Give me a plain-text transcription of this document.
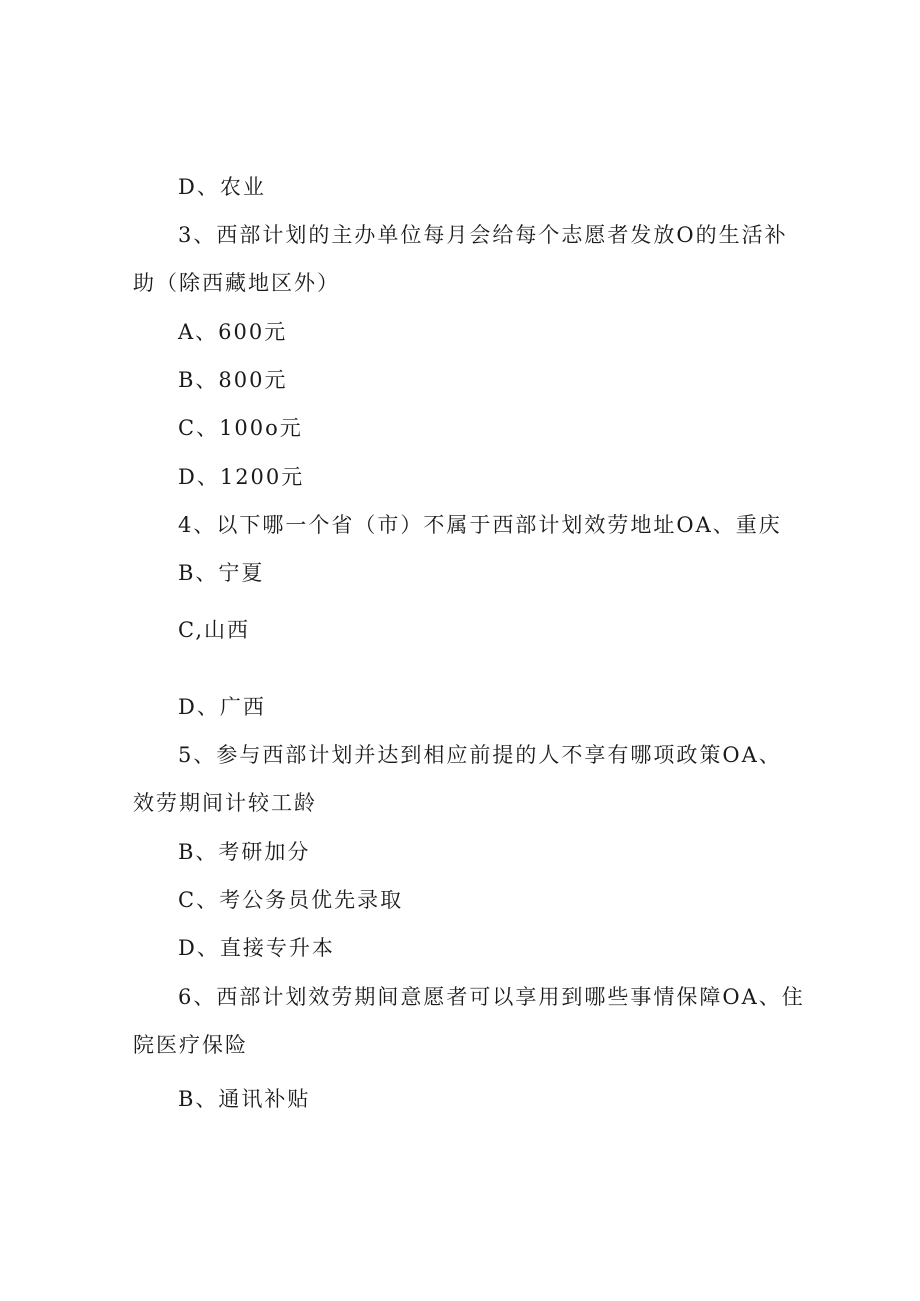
D、农业
3、西部计划的主办单位每月会给每个志愿者发放O的生活补
助（除西藏地区外）
A、600元
B、800元
C、100o元
D、1200元
4、以下哪一个省（市）不属于西部计划效劳地址OA、重庆
B、宁夏
C,山西
D、广西
5、参与西部计划并达到相应前提的人不享有哪项政策OA、
效劳期间计较工龄
B、考研加分
C、考公务员优先录取
D、直接专升本
6、西部计划效劳期间意愿者可以享用到哪些事情保障OA、住
院医疗保险
B、通讯补贴
